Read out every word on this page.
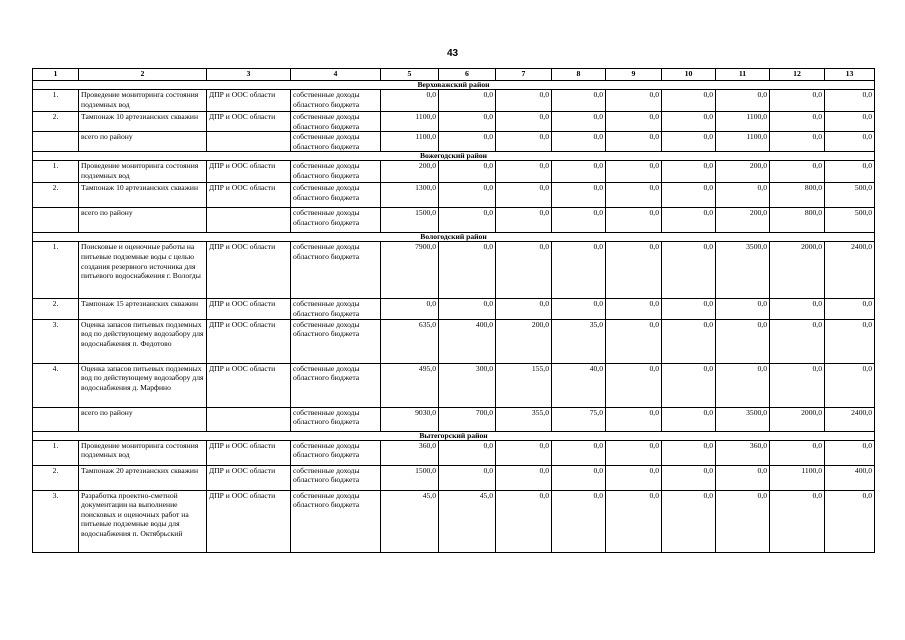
43
1	2	3	4	5	6	7	8	9	10	11	12	13
Верховажский район												
1.	Проведение мониторинга состояния подземных вод	ДПР и ООС области	собственные доходы областного бюджета	0,0	0,0	0,0	0,0	0,0	0,0	0,0	0,0	0,0
2.	Тампонаж 10 артезианских скважин	ДПР и ООС области	собственные доходы областного бюджета	1100,0	0,0	0,0	0,0	0,0	0,0	1100,0	0,0	0,0
	всего по району		собственные доходы областного бюджета	1100,0	0,0	0,0	0,0	0,0	0,0	1100,0	0,0	0,0
Вожегодский район												
1.	Проведение мониторинга состояния подземных вод	ДПР и ООС области	собственные доходы областного бюджета	200,0	0,0	0,0	0,0	0,0	0,0	200,0	0,0	0,0
2.	Тампонаж 10 артезианских скважин	ДПР и ООС области	собственные доходы областного бюджета	1300,0	0,0	0,0	0,0	0,0	0,0	0,0	800,0	500,0
	всего по району		собственные доходы областного бюджета	1500,0	0,0	0,0	0,0	0,0	0,0	200,0	800,0	500,0
Вологодский район												
1.	Поисковые и оценочные работы на питьевые подземные воды с целью создания резервного источника для питьевого водоснабжения г. Вологды	ДПР и ООС области	собственные доходы областного бюджета	7900,0	0,0	0,0	0,0	0,0	0,0	3500,0	2000,0	2400,0
2.	Тампонаж 15 артезианских скважин	ДПР и ООС области	собственные доходы областного бюджета	0,0	0,0	0,0	0,0	0,0	0,0	0,0	0,0	0,0
3.	Оценка запасов питьевых подземных вод по действующему водозабору для водоснабжения п. Федотово	ДПР и ООС области	собственные доходы областного бюджета	635,0	400,0	200,0	35,0	0,0	0,0	0,0	0,0	0,0
4.	Оценка запасов питьевых подземных вод по действующему водозабору для водоснабжения д. Марфино	ДПР и ООС области	собственные доходы областного бюджета	495,0	300,0	155,0	40,0	0,0	0,0	0,0	0,0	0,0
	всего по району		собственные доходы областного бюджета	9030,0	700,0	355,0	75,0	0,0	0,0	3500,0	2000,0	2400,0
Вытегорский район												
1.	Проведение мониторинга состояния подземных вод	ДПР и ООС области	собственные доходы областного бюджета	360,0	0,0	0,0	0,0	0,0	0,0	360,0	0,0	0,0
2.	Тампонаж 20 артезианских скважин	ДПР и ООС области	собственные доходы областного бюджета	1500,0	0,0	0,0	0,0	0,0	0,0	0,0	1100,0	400,0
3.	Разработка проектно-сметной документации на выполнение поисковых и оценочных работ на питьевые подземные воды для водоснабжения п. Октябрьский	ДПР и ООС области	собственные доходы областного бюджета	45,0	45,0	0,0	0,0	0,0	0,0	0,0	0,0	0,0
